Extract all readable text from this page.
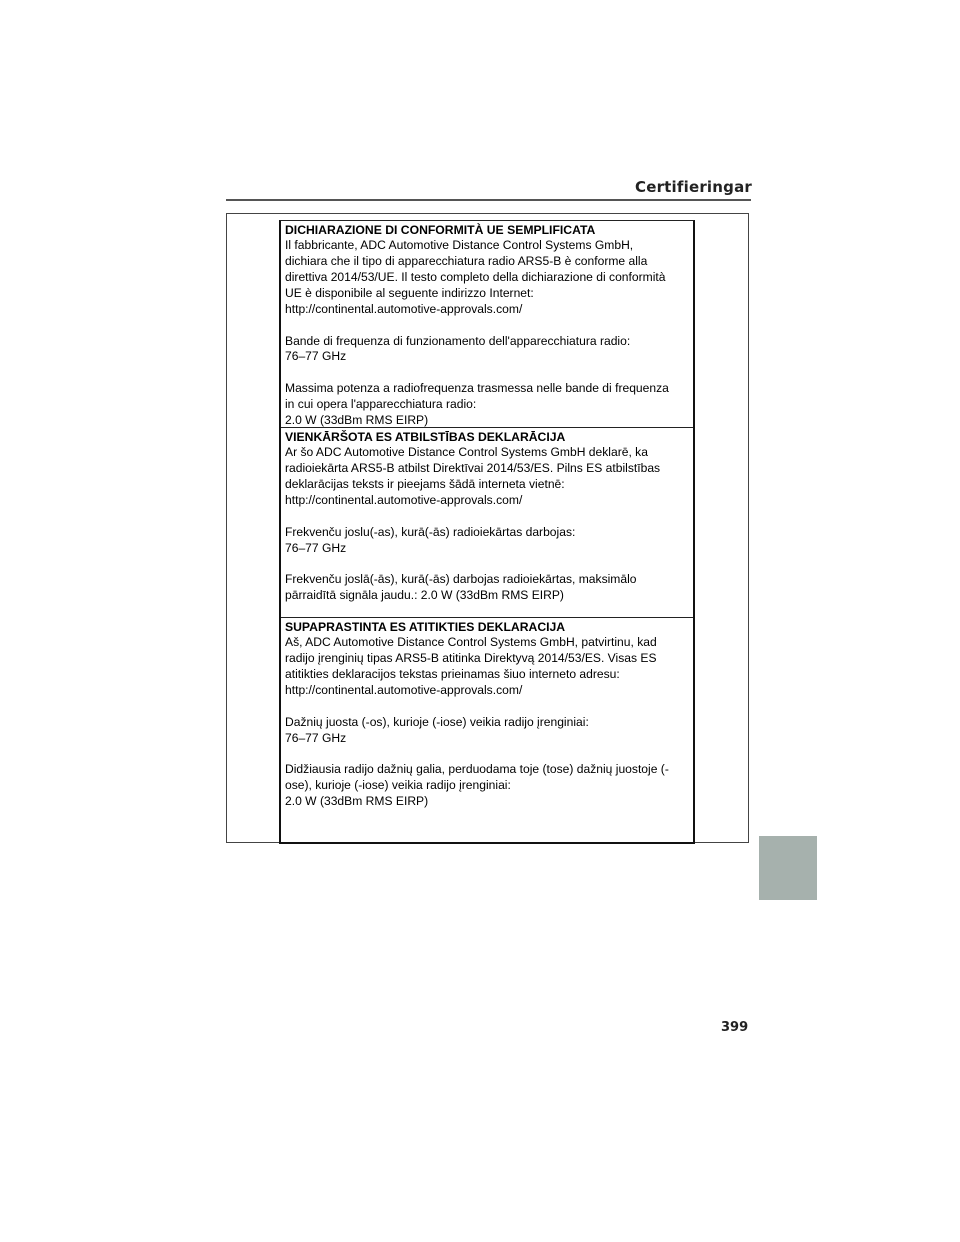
Certifieringar
DICHIARAZIONE DI CONFORMITÀ UE SEMPLIFICATA
Il fabbricante, ADC Automotive Distance Control Systems GmbH,
dichiara che il tipo di apparecchiatura radio ARS5-B è conforme alla
direttiva 2014/53/UE. Il testo completo della dichiarazione di conformità
UE è disponibile al seguente indirizzo Internet:
http://continental.automotive-approvals.com/
Bande di frequenza di funzionamento dell'apparecchiatura radio:
76–77 GHz
Massima potenza a radiofrequenza trasmessa nelle bande di frequenza
in cui opera l'apparecchiatura radio:
2.0 W (33dBm RMS EIRP)
VIENKĀRŠOTA ES ATBILSTĪBAS DEKLARĀCIJA
Ar šo ADC Automotive Distance Control Systems GmbH deklarē, ka
radioiekārta ARS5-B atbilst Direktīvai 2014/53/ES. Pilns ES atbilstības
deklarācijas teksts ir pieejams šādā interneta vietnē:
http://continental.automotive-approvals.com/
Frekvenču joslu(-as), kurā(-ās) radioiekārtas darbojas:
76–77 GHz
Frekvenču joslā(-ās), kurā(-ās) darbojas radioiekārtas, maksimālo pārraidītā signāla jaudu.: 2.0 W (33dBm RMS EIRP)
SUPAPRASTINTA ES ATITIKTIES DEKLARACIJA
Aš, ADC Automotive Distance Control Systems GmbH, patvirtinu, kad
radijo įrenginių tipas ARS5-B atitinka Direktyvą 2014/53/ES. Visas ES
atitikties deklaracijos tekstas prieinamas šiuo interneto adresu:
http://continental.automotive-approvals.com/
Dažnių juosta (-os), kurioje (-iose) veikia radijo įrenginiai:
76–77 GHz
Didžiausia radijo dažnių galia, perduodama toje (tose) dažnių juostoje (-
ose), kurioje (-iose) veikia radijo įrenginiai:
2.0 W (33dBm RMS EIRP)
399
